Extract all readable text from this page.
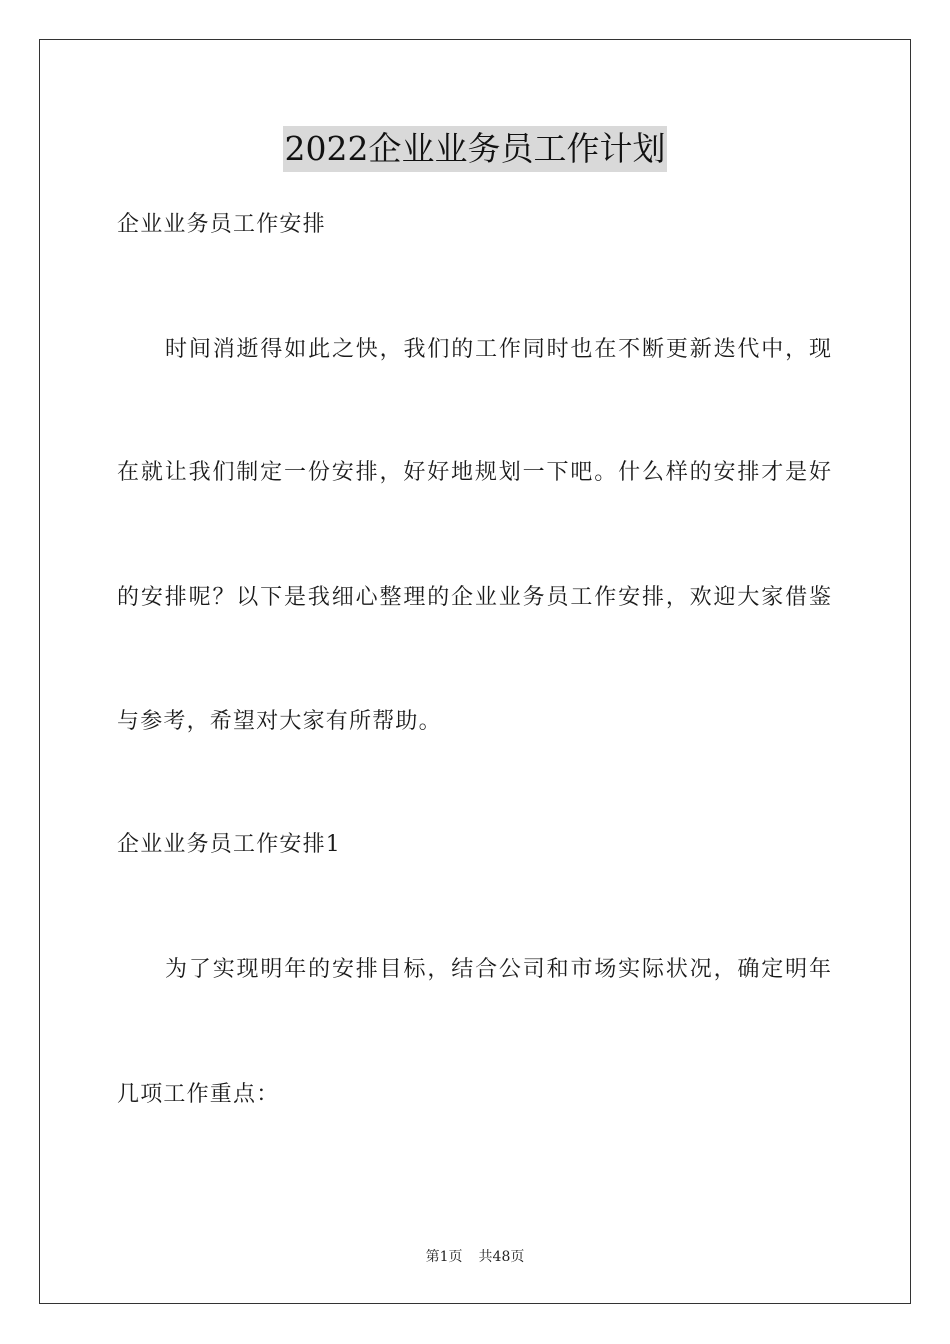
2022企业业务员工作计划
企业业务员工作安排
时间消逝得如此之快，我们的工作同时也在不断更新迭代中，现
在就让我们制定一份安排，好好地规划一下吧。什么样的安排才是好
的安排呢？以下是我细心整理的企业业务员工作安排，欢迎大家借鉴
与参考，希望对大家有所帮助。
企业业务员工作安排1
为了实现明年的安排目标，结合公司和市场实际状况，确定明年
几项工作重点：
第1页 共48页
